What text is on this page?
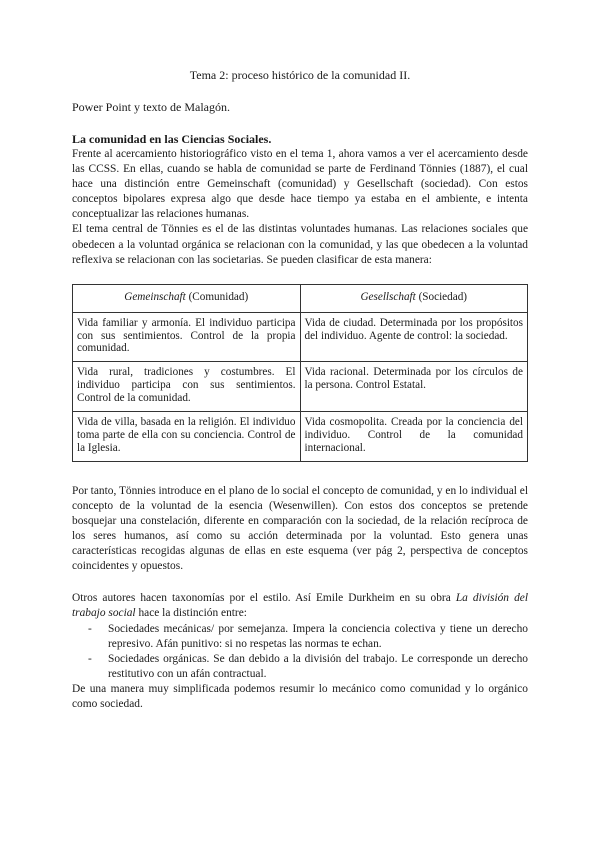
Tema 2: proceso histórico de la comunidad II.

Power Point y texto de Malagón.

La comunidad en las Ciencias Sociales.

Frente al acercamiento historiográfico visto en el tema 1, ahora vamos a ver el acercamiento desde las CCSS. En ellas, cuando se habla de comunidad se parte de Ferdinand Tönnies (1887), el cual hace una distinción entre Gemeinschaft (comunidad) y Gesellschaft (sociedad). Con estos conceptos bipolares expresa algo que desde hace tiempo ya estaba en el ambiente, e intenta conceptualizar las relaciones humanas.

El tema central de Tönnies es el de las distintas voluntades humanas. Las relaciones sociales que obedecen a la voluntad orgánica se relacionan con la comunidad, y las que obedecen a la voluntad reflexiva se relacionan con las societarias. Se pueden clasificar de esta manera:

Gemeinschaft (Comunidad)	Gesellschaft (Sociedad)
Vida familiar y armonía. El individuo participa con sus sentimientos. Control de la propia comunidad.	Vida de ciudad. Determinada por los propósitos del individuo. Agente de control: la sociedad.
Vida rural, tradiciones y costumbres. El individuo participa con sus sentimientos. Control de la comunidad.	Vida racional. Determinada por los círculos de la persona. Control Estatal.
Vida de villa, basada en la religión. El individuo toma parte de ella con su conciencia. Control de la Iglesia.	Vida cosmopolita. Creada por la conciencia del individuo. Control de la comunidad internacional.

Por tanto, Tönnies introduce en el plano de lo social el concepto de comunidad, y en lo individual el concepto de la voluntad de la esencia (Wesenwillen). Con estos dos conceptos se pretende bosquejar una constelación, diferente en comparación con la sociedad, de la relación recíproca de los seres humanos, así como su acción determinada por la voluntad. Esto genera unas características recogidas algunas de ellas en este esquema (ver pág 2, perspectiva de conceptos coincidentes y opuestos.

Otros autores hacen taxonomías por el estilo. Así Emile Durkheim en su obra La división del trabajo social hace la distinción entre:

- Sociedades mecánicas/ por semejanza. Impera la conciencia colectiva y tiene un derecho represivo. Afán punitivo: si no respetas las normas te echan.
- Sociedades orgánicas. Se dan debido a la división del trabajo. Le corresponde un derecho restitutivo con un afán contractual.

De una manera muy simplificada podemos resumir lo mecánico como comunidad y lo orgánico como sociedad.
